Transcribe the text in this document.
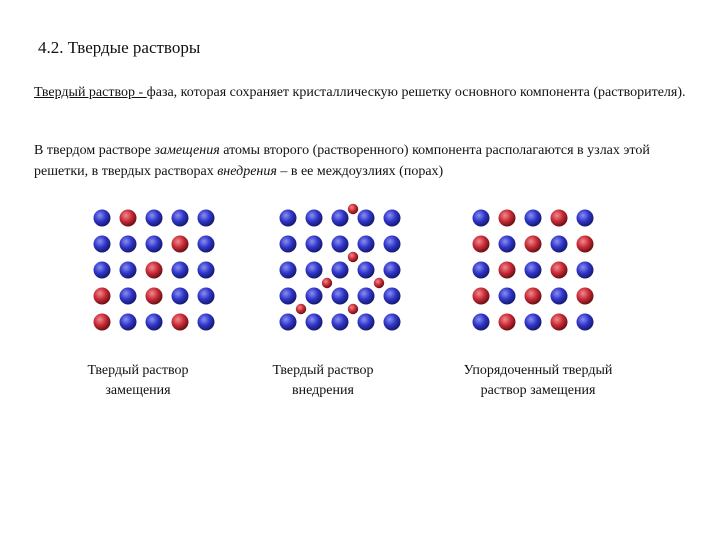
4.2. Твердые растворы
Твердый раствор - фаза, которая сохраняет кристаллическую решетку основного компонента (растворителя).
В твердом растворе замещения атомы второго (растворенного) компонента располагаются в узлах этой решетки, в твердых растворах внедрения – в ее междоузлиях (порах)
Твердый раствор
замещения
Твердый раствор
внедрения
Упорядоченный твердый
раствор замещения
